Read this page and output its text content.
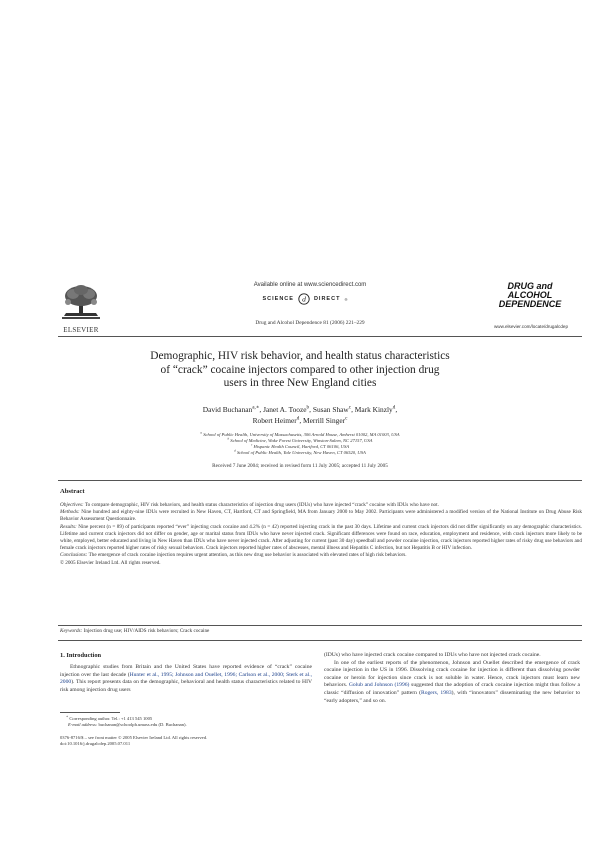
ELSEVIER
Available online at www.sciencedirect.com
SCIENCE d DIRECT ®
Drug and Alcohol Dependence 81 (2006) 221–229
DRUG and
ALCOHOL
DEPENDENCE
www.elsevier.com/locate/drugalcdep
Demographic, HIV risk behavior, and health status characteristics
of “crack” cocaine injectors compared to other injection drug
users in three New England cities
David Buchanan$^{a,∗}$, Janet A. Tooze$^b$, Susan Shaw$^c$, Mark Kinzly$^d$,
Robert Heimer$^d$, Merrill Singer$^c$
$^a$ School of Public Health, University of Massachusetts, 306 Arnold House, Amherst 01002, MA 01003, USA
$^b$ School of Medicine, Wake Forest University, Winston-Salem, NC 27157, USA
$^c$ Hispanic Health Council, Hartford, CT 06106, USA
$^d$ School of Public Health, Yale University, New Haven, CT 06520, USA
Received 7 June 2004; received in revised form 11 July 2005; accepted 11 July 2005
Abstract
Objectives: To compare demographic, HIV risk behaviors, and health status characteristics of injection drug users (IDUs) who have injected “crack” cocaine with IDUs who have not.
Methods: Nine hundred and eighty-nine IDUs were recruited in New Haven, CT, Hartford, CT and Springfield, MA from January 2000 to May 2002. Participants were administered a modified version of the National Institute on Drug Abuse Risk Behavior Assessment Questionnaire.
Results: Nine percent (n = 89) of participants reported “ever” injecting crack cocaine and 4.2% (n = 42) reported injecting crack in the past 30 days. Lifetime and current crack injectors did not differ significantly on any demographic characteristics. Lifetime and current crack injectors did not differ on gender, age or marital status from IDUs who have never injected crack. Significant differences were found on race, education, employment and residence, with crack injectors more likely to be white, employed, better educated and living in New Haven than IDUs who have never injected crack. After adjusting for current (past 30 day) speedball and powder cocaine injection, crack injectors reported higher rates of risky drug use behaviors and female crack injectors reported higher rates of risky sexual behaviors. Crack injectors reported higher rates of abscesses, mental illness and Hepatitis C infection, but not Hepatitis B or HIV infection.
Conclusions: The emergence of crack cocaine injection requires urgent attention, as this new drug use behavior is associated with elevated rates of high risk behaviors.
© 2005 Elsevier Ireland Ltd. All rights reserved.
Keywords: Injection drug use; HIV/AIDS risk behaviors; Crack cocaine
1. Introduction
Ethnographic studies from Britain and the United States have reported evidence of “crack” cocaine injection over the last decade (Hunter et al., 1995; Johnson and Ouellet, 1996; Carlson et al., 2000; Sterk et al., 2000). This report presents data on the demographic, behavioral and health status characteristics related to HIV risk among injection drug users
(IDUs) who have injected crack cocaine compared to IDUs who have not injected crack cocaine.
In one of the earliest reports of the phenomenon, Johnson and Ouellet described the emergence of crack cocaine injection in the US in 1996. Dissolving crack cocaine for injection is different than dissolving powder cocaine or heroin for injection since crack is not soluble in water. Hence, crack injectors must learn new behaviors. Golub and Johnson (1996) suggested that the adoption of crack cocaine injection might thus follow a classic “diffusion of innovation” pattern (Rogers, 1983), with “innovators” disseminating the new behavior to “early adopters,” and so on.
∗ Corresponding author. Tel.: +1 413 545 1005
E-mail address: buchanan@schoolph.umass.edu (D. Buchanan).
0376-8716/$ – see front matter © 2005 Elsevier Ireland Ltd. All rights reserved.
doi:10.1016/j.drugalcdep.2005.07.011
